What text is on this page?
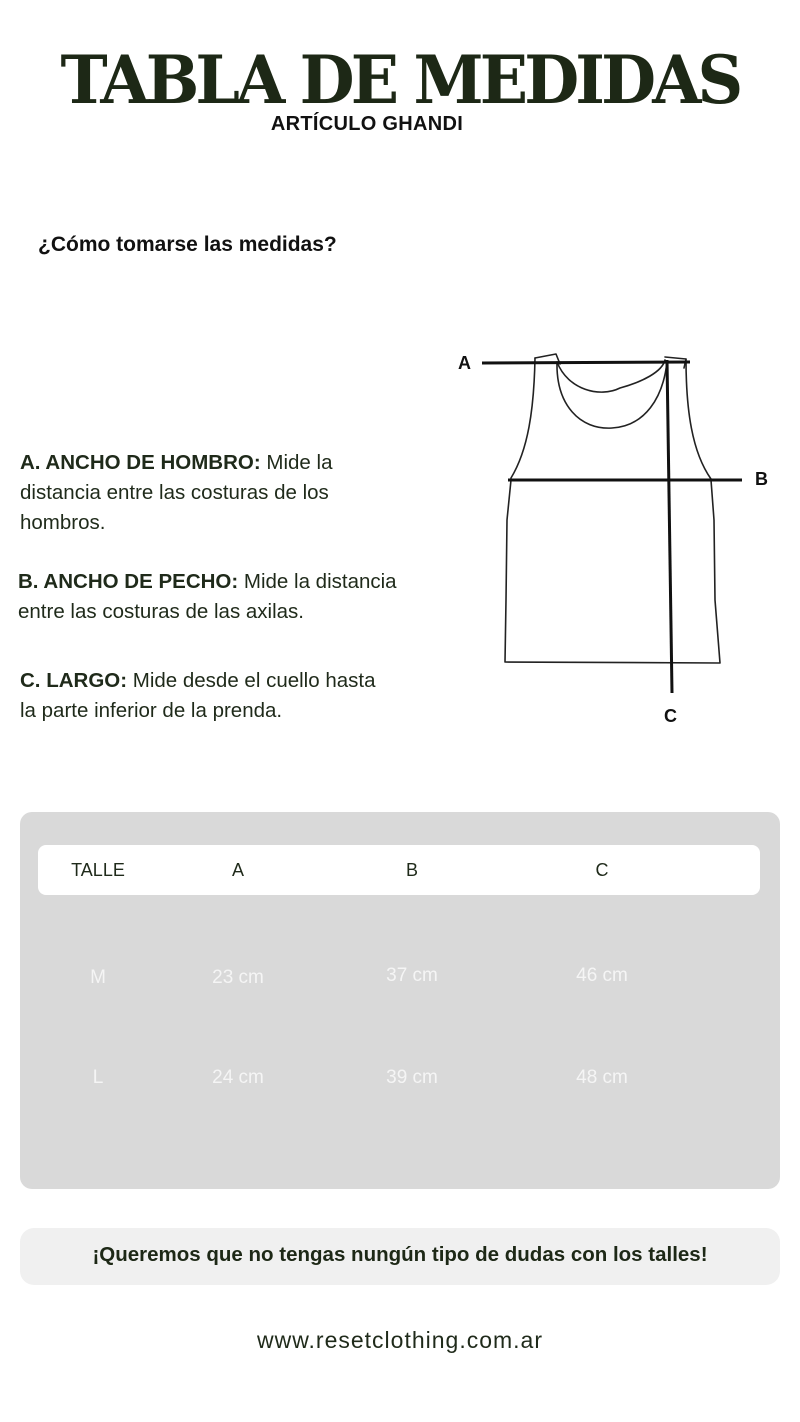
TABLA DE MEDIDAS
ARTÍCULO GHANDI
¿Cómo tomarse las medidas?
A. ANCHO DE HOMBRO: Mide la
distancia entre las costuras de los
hombros.
B. ANCHO DE PECHO: Mide la distancia
entre las costuras de las axilas.
C. LARGO: Mide desde el cuello hasta
la parte inferior de la prenda.
A
B
C
TALLE	A	B	C
M	23 cm	37 cm	46 cm
L	24 cm	39 cm	48 cm
¡Queremos que no tengas nungún tipo de dudas con los talles!
www.resetclothing.com.ar
